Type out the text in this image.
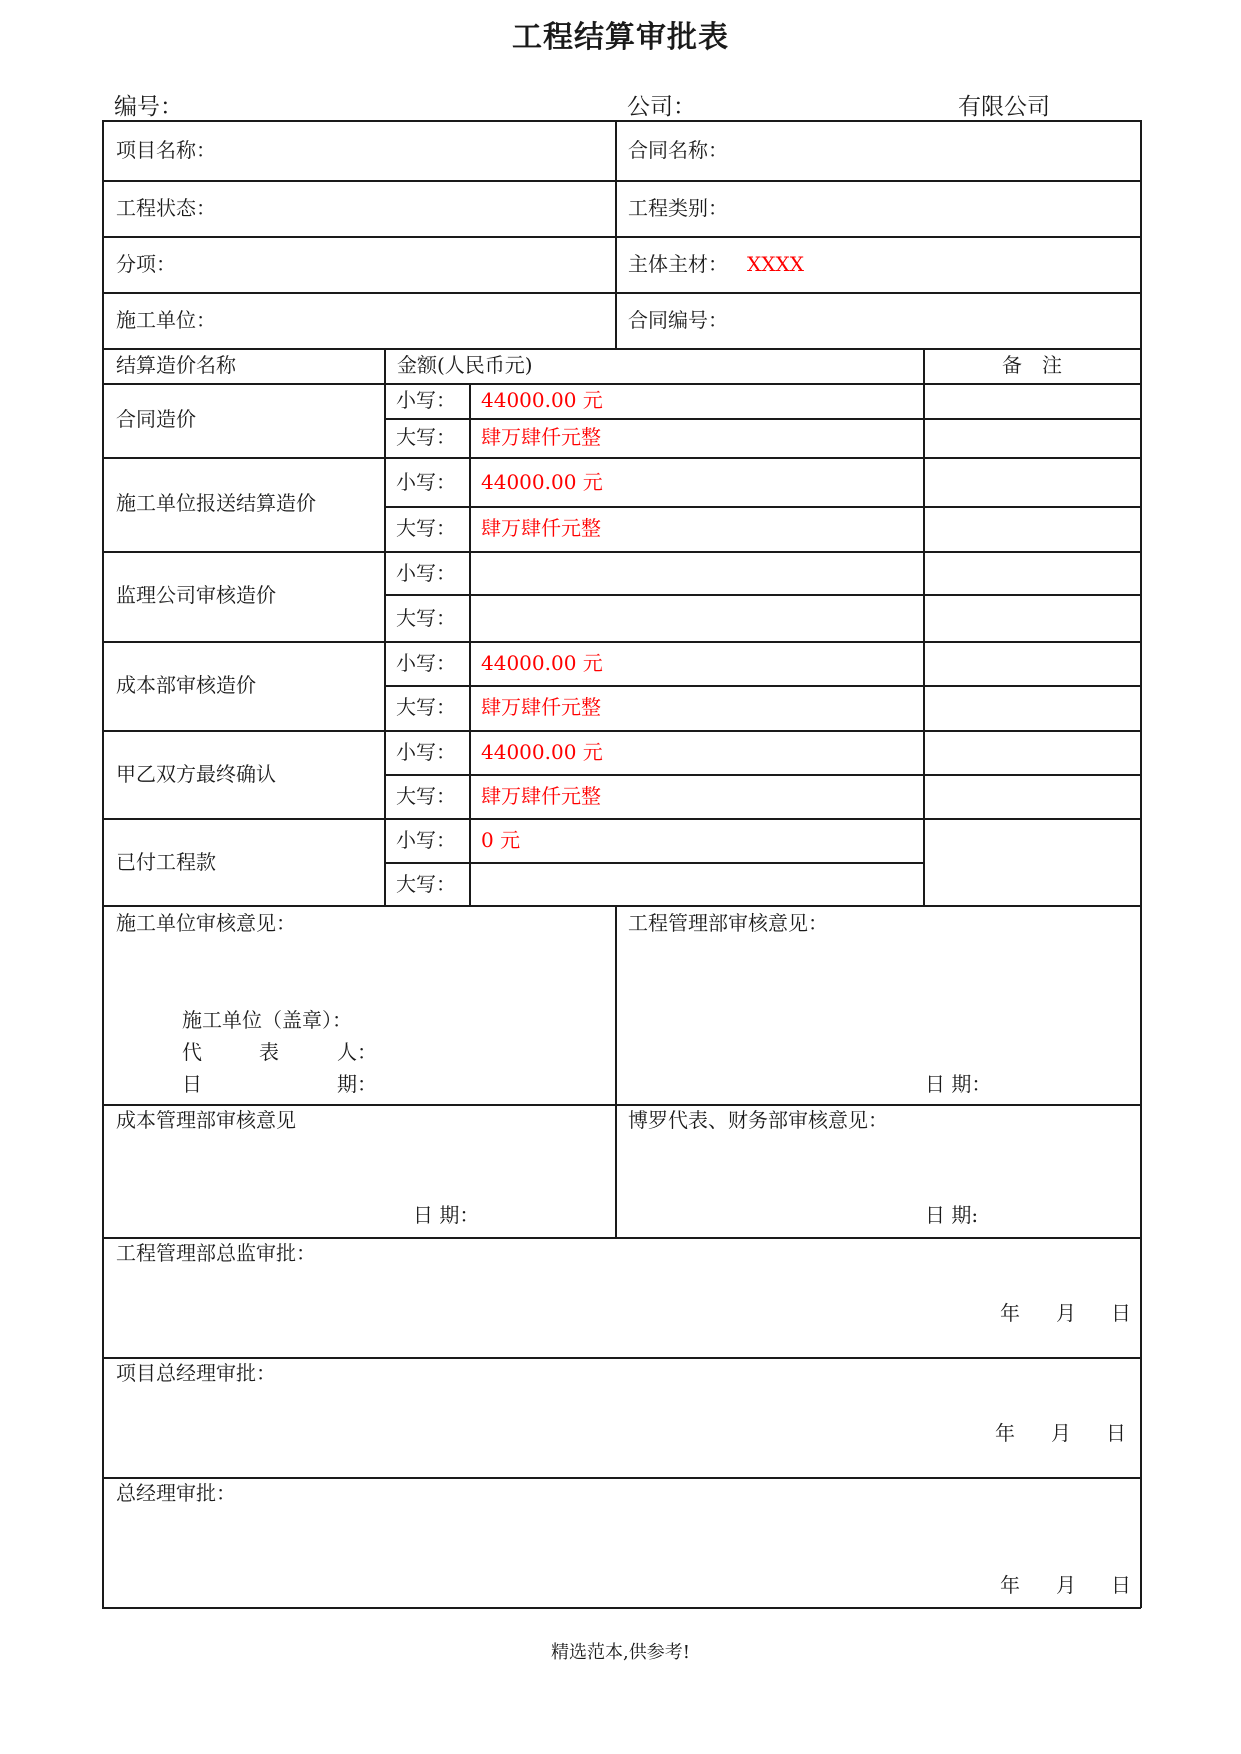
工程结算审批表
编号：	公司：	有限公司
项目名称：	合同名称：
工程状态：	工程类别：
分项：	主体主材： XXXX
施工单位：	合同编号：
结算造价名称	金额(人民币元)	备　注
合同造价
小写： 44000.00 元
大写： 肆万肆仟元整
施工单位报送结算造价
小写： 44000.00 元
大写： 肆万肆仟元整
监理公司审核造价
小写：
大写：
成本部审核造价
小写： 44000.00 元
大写： 肆万肆仟元整
甲乙双方最终确认
小写： 44000.00 元
大写： 肆万肆仟元整
已付工程款
小写： 0 元
大写：
施工单位审核意见：
施工单位（盖章）：
代	表	人：
日	期：
工程管理部审核意见：
日 期：
成本管理部审核意见
日 期：
博罗代表、财务部审核意见：
日 期:
工程管理部总监审批：
年 月 日
项目总经理审批：
年 月 日
总经理审批：
年 月 日
精选范本,供参考!
